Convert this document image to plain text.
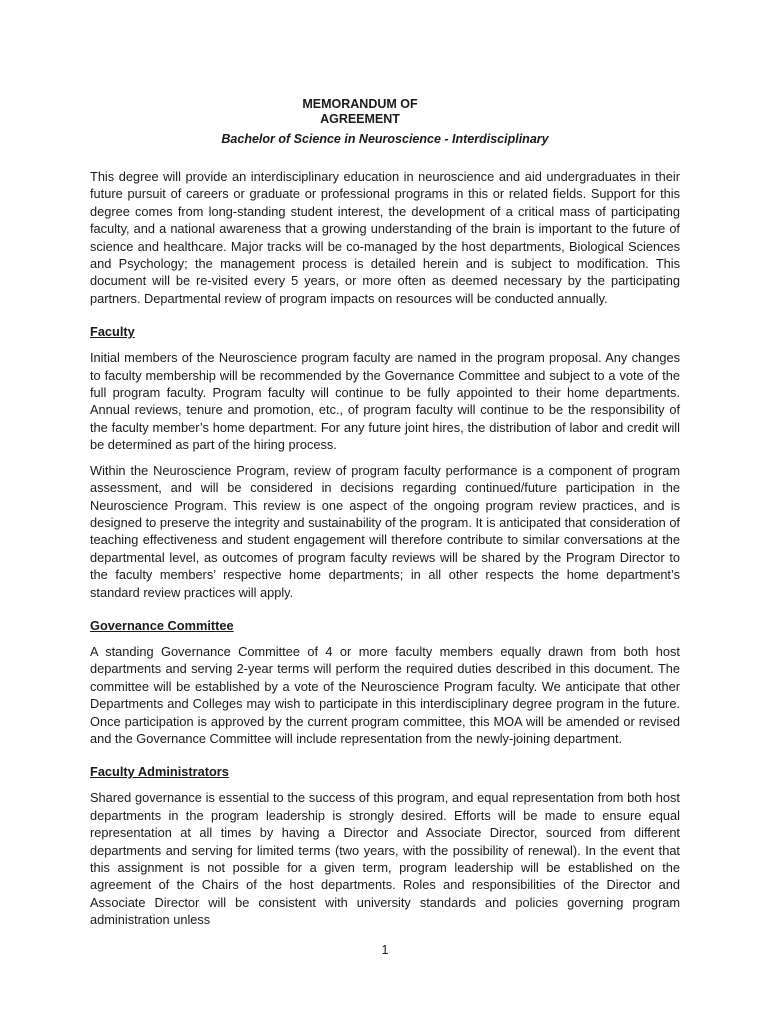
MEMORANDUM OF
AGREEMENT
Bachelor of Science in Neuroscience - Interdisciplinary

This degree will provide an interdisciplinary education in neuroscience and aid undergraduates in their future pursuit of careers or graduate or professional programs in this or related fields. Support for this degree comes from long-standing student interest, the development of a critical mass of participating faculty, and a national awareness that a growing understanding of the brain is important to the future of science and healthcare. Major tracks will be co-managed by the host departments, Biological Sciences and Psychology; the management process is detailed herein and is subject to modification. This document will be re-visited every 5 years, or more often as deemed necessary by the participating partners. Departmental review of program impacts on resources will be conducted annually.

Faculty

Initial members of the Neuroscience program faculty are named in the program proposal. Any changes to faculty membership will be recommended by the Governance Committee and subject to a vote of the full program faculty. Program faculty will continue to be fully appointed to their home departments. Annual reviews, tenure and promotion, etc., of program faculty will continue to be the responsibility of the faculty member’s home department. For any future joint hires, the distribution of labor and credit will be determined as part of the hiring process.

Within the Neuroscience Program, review of program faculty performance is a component of program assessment, and will be considered in decisions regarding continued/future participation in the Neuroscience Program. This review is one aspect of the ongoing program review practices, and is designed to preserve the integrity and sustainability of the program. It is anticipated that consideration of teaching effectiveness and student engagement will therefore contribute to similar conversations at the departmental level, as outcomes of program faculty reviews will be shared by the Program Director to the faculty members’ respective home departments; in all other respects the home department’s standard review practices will apply.

Governance Committee

A standing Governance Committee of 4 or more faculty members equally drawn from both host departments and serving 2-year terms will perform the required duties described in this document. The committee will be established by a vote of the Neuroscience Program faculty. We anticipate that other Departments and Colleges may wish to participate in this interdisciplinary degree program in the future. Once participation is approved by the current program committee, this MOA will be amended or revised and the Governance Committee will include representation from the newly-joining department.

Faculty Administrators

Shared governance is essential to the success of this program, and equal representation from both host departments in the program leadership is strongly desired. Efforts will be made to ensure equal representation at all times by having a Director and Associate Director, sourced from different departments and serving for limited terms (two years, with the possibility of renewal). In the event that this assignment is not possible for a given term, program leadership will be established on the agreement of the Chairs of the host departments. Roles and responsibilities of the Director and Associate Director will be consistent with university standards and policies governing program administration unless

1
